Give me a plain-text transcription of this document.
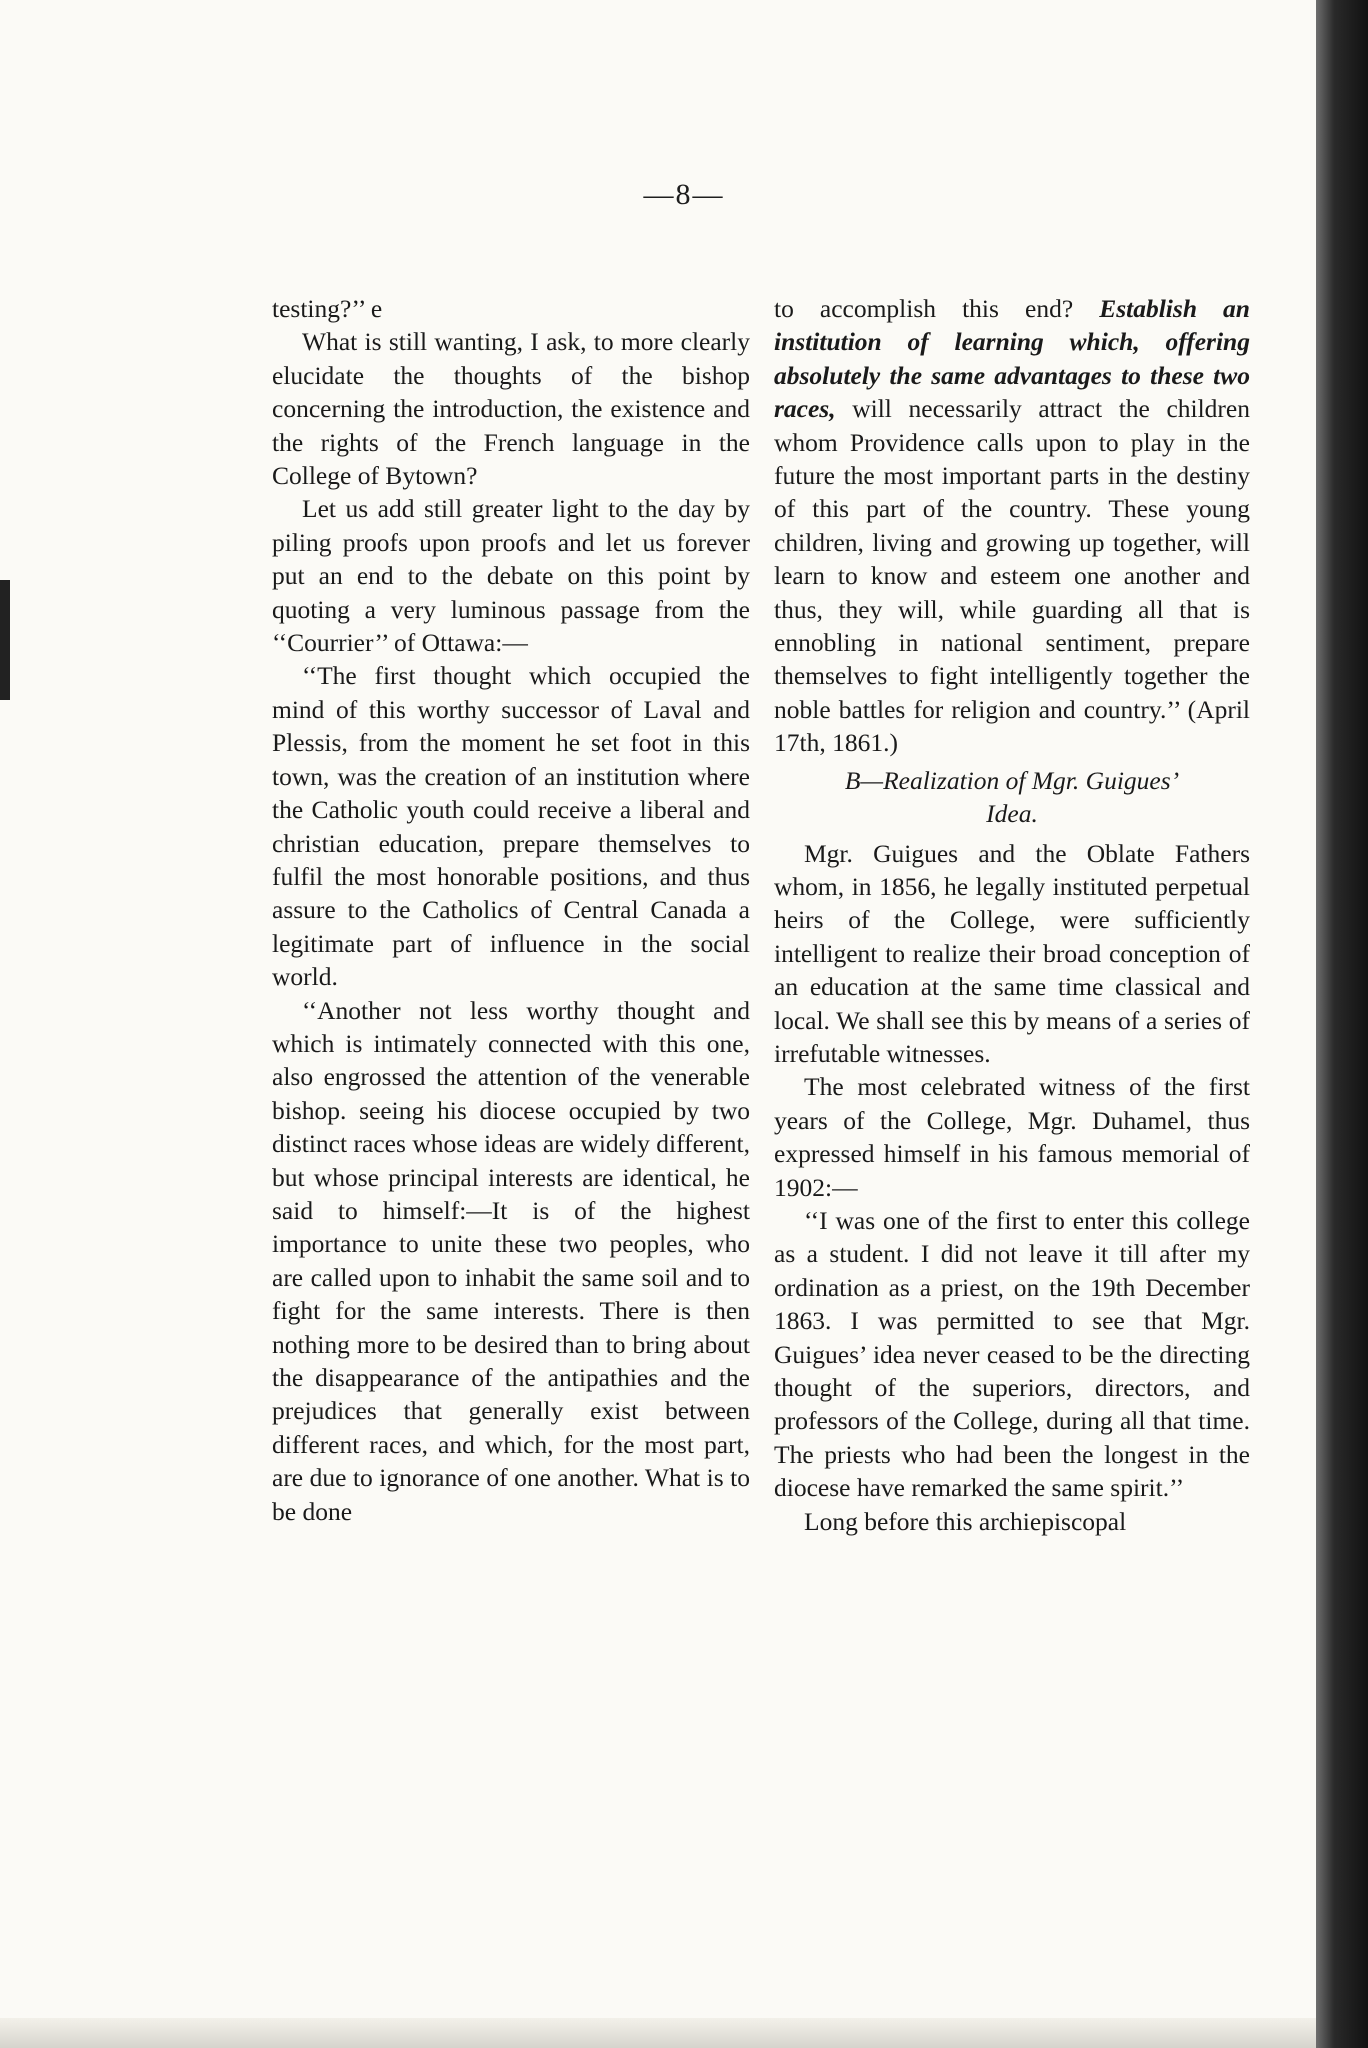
—8—

testing?’’ e

What is still wanting, I ask, to more clearly elucidate the thoughts of the bishop concerning the introduction, the existence and the rights of the French language in the College of Bytown?

Let us add still greater light to the day by piling proofs upon proofs and let us forever put an end to the debate on this point by quoting a very luminous passage from the ‘‘Courrier’’ of Ottawa:—

‘‘The first thought which occupied the mind of this worthy successor of Laval and Plessis, from the moment he set foot in this town, was the creation of an institution where the Catholic youth could receive a liberal and christian education, prepare themselves to fulfil the most honorable positions, and thus assure to the Catholics of Central Canada a legitimate part of influence in the social world.

‘‘Another not less worthy thought and which is intimately connected with this one, also engrossed the attention of the venerable bishop. seeing his diocese occupied by two distinct races whose ideas are widely different, but whose principal interests are identical, he said to himself:—It is of the highest importance to unite these two peoples, who are called upon to inhabit the same soil and to fight for the same interests. There is then nothing more to be desired than to bring about the disappearance of the antipathies and the prejudices that generally exist between different races, and which, for the most part, are due to ignorance of one another. What is to be done

to accomplish this end? Establish an institution of learning which, offering absolutely the same advantages to these two races, will necessarily attract the children whom Providence calls upon to play in the future the most important parts in the destiny of this part of the country. These young children, living and growing up together, will learn to know and esteem one another and thus, they will, while guarding all that is ennobling in national sentiment, prepare themselves to fight intelligently together the noble battles for religion and country.’’ (April 17th, 1861.)

B—Realization of Mgr. Guigues’
Idea.

Mgr. Guigues and the Oblate Fathers whom, in 1856, he legally instituted perpetual heirs of the College, were sufficiently intelligent to realize their broad conception of an education at the same time classical and local. We shall see this by means of a series of irrefutable witnesses.

The most celebrated witness of the first years of the College, Mgr. Duhamel, thus expressed himself in his famous memorial of 1902:—

‘‘I was one of the first to enter this college as a student. I did not leave it till after my ordination as a priest, on the 19th December 1863. I was permitted to see that Mgr. Guigues’ idea never ceased to be the directing thought of the superiors, directors, and professors of the College, during all that time. The priests who had been the longest in the diocese have remarked the same spirit.’’

Long before this archiepiscopal
